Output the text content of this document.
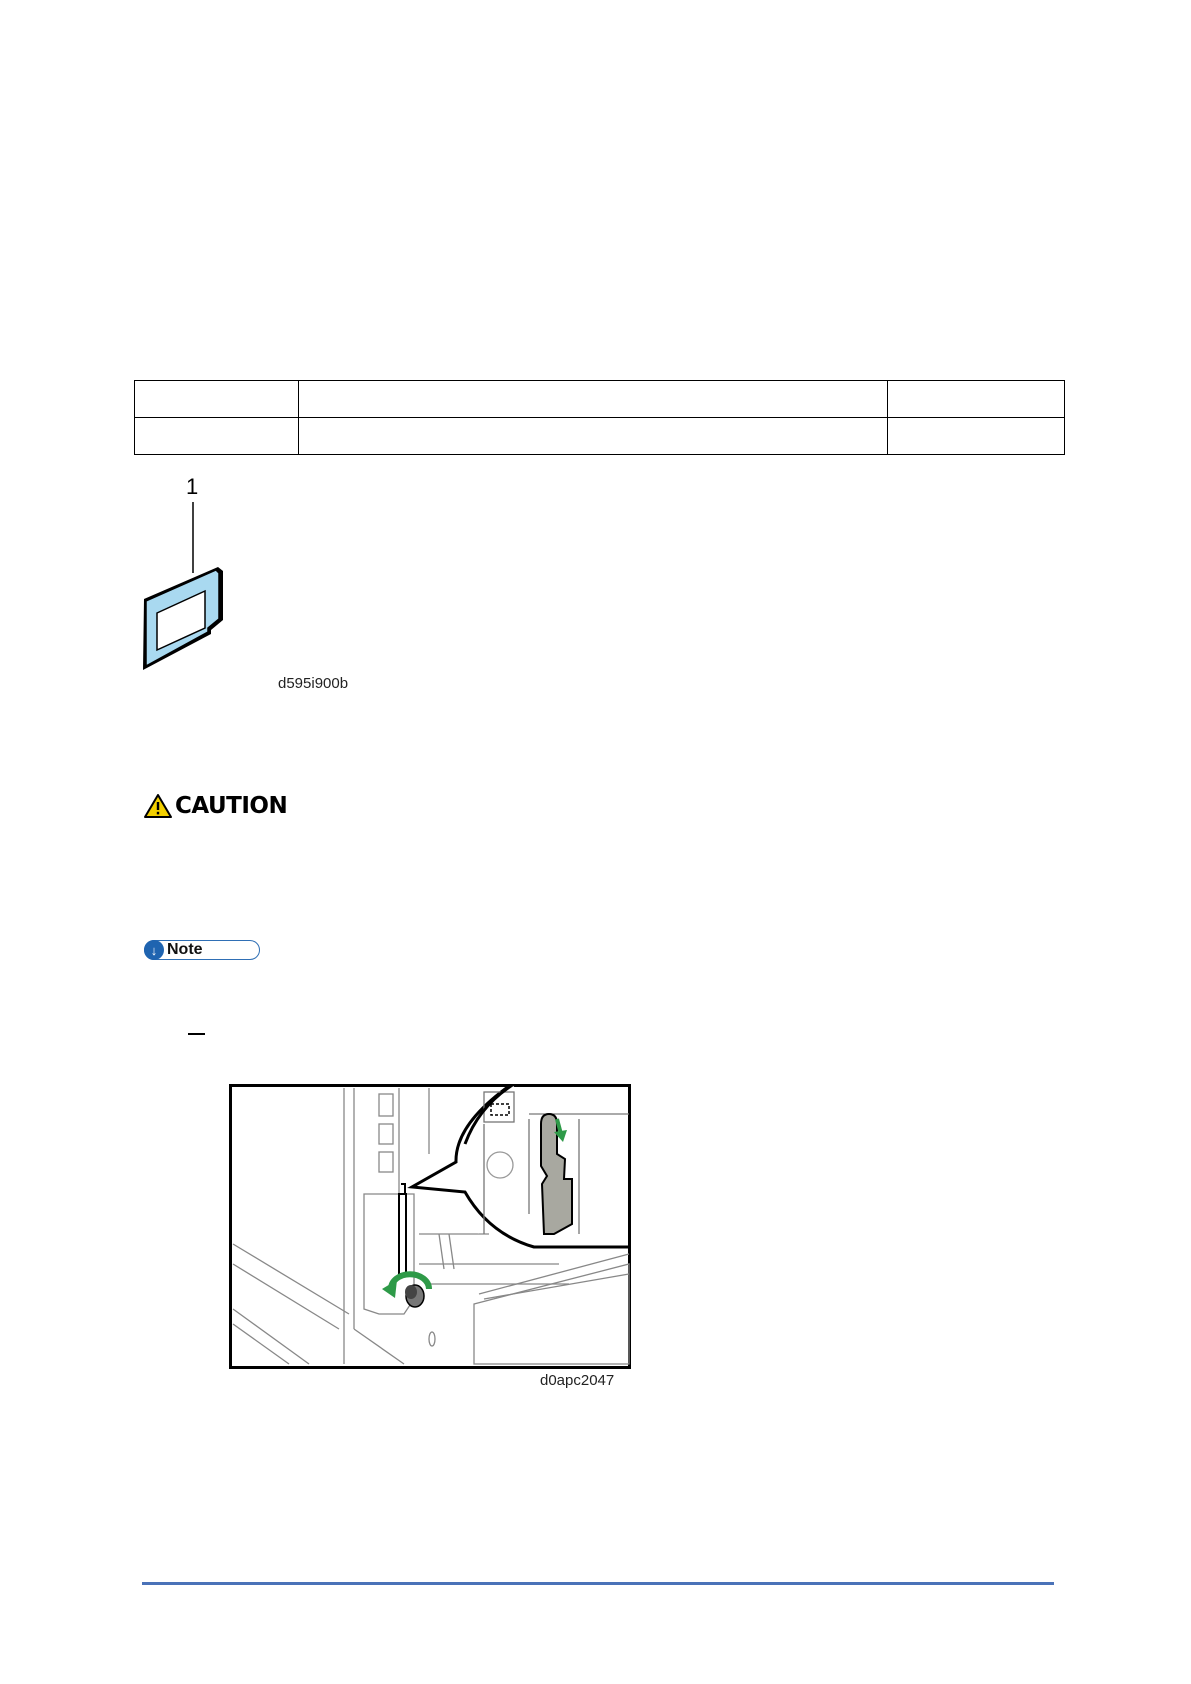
1
d595i900b
CAUTION
↓ Note
d0apc2047
